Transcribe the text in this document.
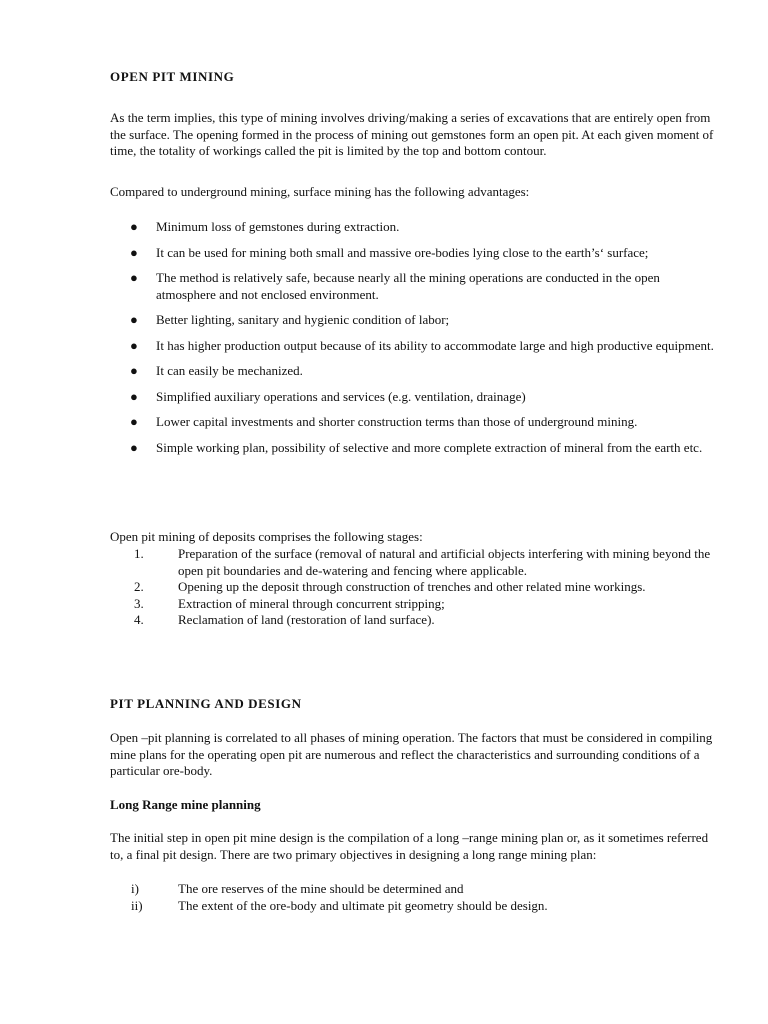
OPEN PIT MINING

As the term implies, this type of mining involves driving/making a series of excavations that are entirely open from the surface. The opening formed in the process of mining out gemstones form an open pit. At each given moment of time, the totality of workings called the pit is limited by the top and bottom contour.

Compared to underground mining, surface mining has the following advantages:

● Minimum loss of gemstones during extraction.
● It can be used for mining both small and massive ore-bodies lying close to the earth’s‘ surface;
● The method is relatively safe, because nearly all the mining operations are conducted in the open atmosphere and not enclosed environment.
● Better lighting, sanitary and hygienic condition of labor;
● It has higher production output because of its ability to accommodate large and high productive equipment.
● It can easily be mechanized.
● Simplified auxiliary operations and services (e.g. ventilation, drainage)
● Lower capital investments and shorter construction terms than those of underground mining.
● Simple working plan, possibility of selective and more complete extraction of mineral from the earth etc.

Open pit mining of deposits comprises the following stages:

1.	Preparation of the surface (removal of natural and artificial objects interfering with mining beyond the open pit boundaries and de-watering and fencing where applicable.
2.	Opening up the deposit through construction of trenches and other related mine workings.
3.	Extraction of mineral through concurrent stripping;
4.	Reclamation of land (restoration of land surface).
PIT PLANNING AND DESIGN

Open –pit planning is correlated to all phases of mining operation. The factors that must be considered in compiling mine plans for the operating open pit are numerous and reflect the characteristics and surrounding conditions of a particular ore-body.

Long Range mine planning

The initial step in open pit mine design is the compilation of a long –range mining plan or, as it sometimes referred to, a final pit design. There are two primary objectives in designing a long range mining plan:

i)	The ore reserves of the mine should be determined and
ii)	The extent of the ore-body and ultimate pit geometry should be design.
